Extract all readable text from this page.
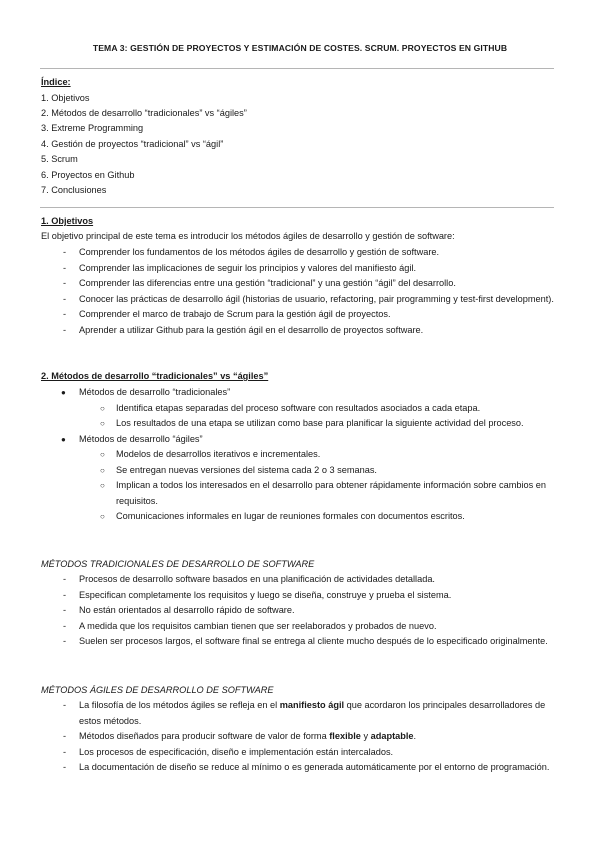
TEMA 3: GESTIÓN DE PROYECTOS Y ESTIMACIÓN DE COSTES. SCRUM. PROYECTOS EN GITHUB
Índice:
1. Objetivos
2. Métodos de desarrollo “tradicionales” vs “ágiles”
3. Extreme Programming
4. Gestión de proyectos “tradicional” vs “ágil”
5. Scrum
6. Proyectos en Github
7. Conclusiones
1. Objetivos
El objetivo principal de este tema es introducir los métodos ágiles de desarrollo y gestión de software:
- Comprender los fundamentos de los métodos ágiles de desarrollo y gestión de software.
- Comprender las implicaciones de seguir los principios y valores del manifiesto ágil.
- Comprender las diferencias entre una gestión “tradicional” y una gestión “ágil” del desarrollo.
- Conocer las prácticas de desarrollo ágil (historias de usuario, refactoring, pair programming y test-first development).
- Comprender el marco de trabajo de Scrum para la gestión ágil de proyectos.
- Aprender a utilizar Github para la gestión ágil en el desarrollo de proyectos software.
2. Métodos de desarrollo “tradicionales” vs “ágiles”
● Métodos de desarrollo “tradicionales”
○ Identifica etapas separadas del proceso software con resultados asociados a cada etapa.
○ Los resultados de una etapa se utilizan como base para planificar la siguiente actividad del proceso.
● Métodos de desarrollo “ágiles”
○ Modelos de desarrollos iterativos e incrementales.
○ Se entregan nuevas versiones del sistema cada 2 o 3 semanas.
○ Implican a todos los interesados en el desarrollo para obtener rápidamente información sobre cambios en requisitos.
○ Comunicaciones informales en lugar de reuniones formales con documentos escritos.
MÉTODOS TRADICIONALES DE DESARROLLO DE SOFTWARE
- Procesos de desarrollo software basados en una planificación de actividades detallada.
- Especifican completamente los requisitos y luego se diseña, construye y prueba el sistema.
- No están orientados al desarrollo rápido de software.
- A medida que los requisitos cambian tienen que ser reelaborados y probados de nuevo.
- Suelen ser procesos largos, el software final se entrega al cliente mucho después de lo especificado originalmente.
MÉTODOS ÁGILES DE DESARROLLO DE SOFTWARE
- La filosofía de los métodos ágiles se refleja en el manifiesto ágil que acordaron los principales desarrolladores de estos métodos.
- Métodos diseñados para producir software de valor de forma flexible y adaptable.
- Los procesos de especificación, diseño e implementación están intercalados.
- La documentación de diseño se reduce al mínimo o es generada automáticamente por el entorno de programación.
